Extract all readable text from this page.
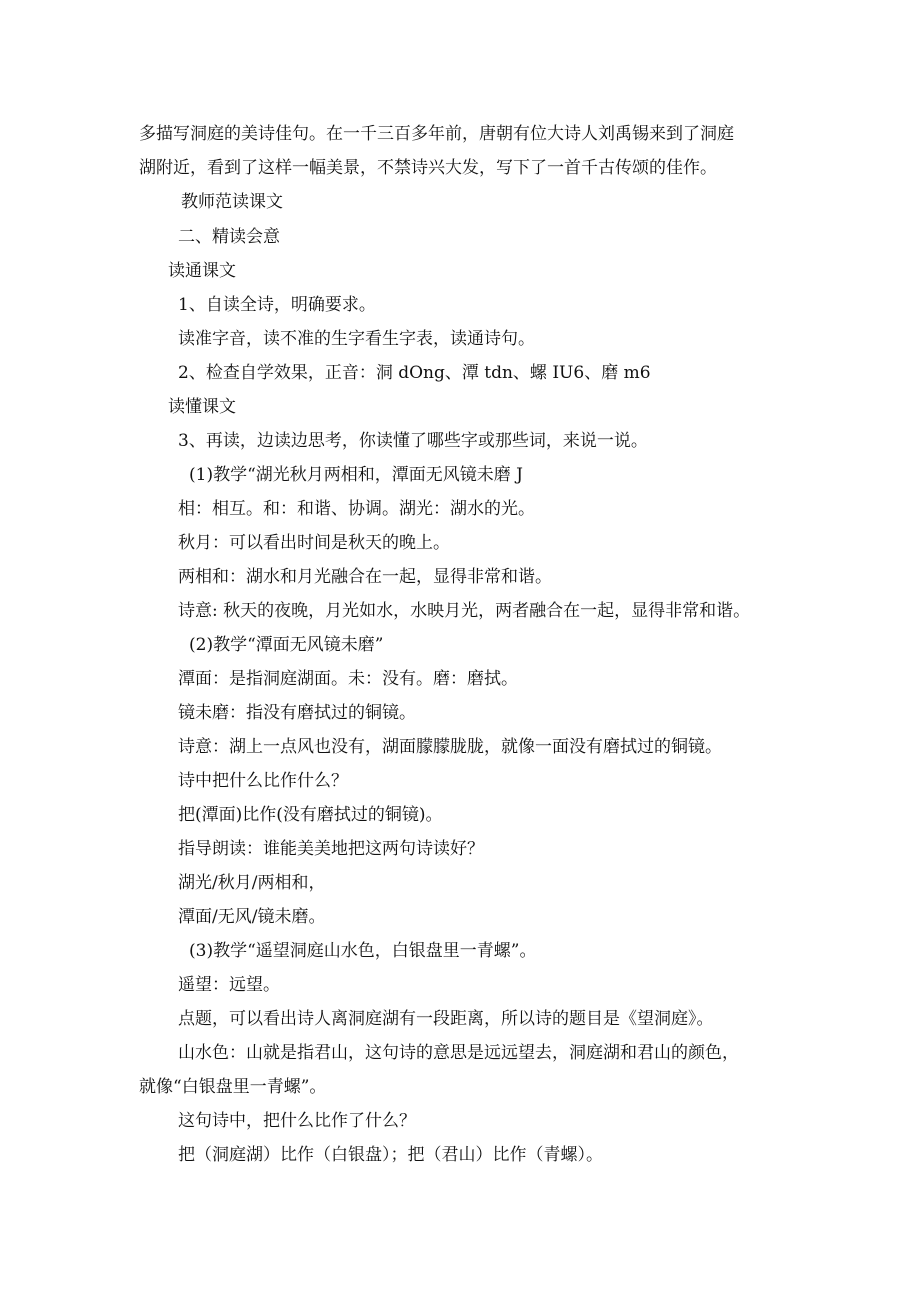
多描写洞庭的美诗佳句。在一千三百多年前，唐朝有位大诗人刘禹锡来到了洞庭
湖附近，看到了这样一幅美景，不禁诗兴大发，写下了一首千古传颂的佳作。
教师范读课文
二、精读会意
读通课文
1、自读全诗，明确要求。
读准字音，读不准的生字看生字表，读通诗句。
2、检查自学效果，正音：洞 dOng、潭 tdn、螺 IU6、磨 m6
读懂课文
3、再读，边读边思考，你读懂了哪些字或那些词，来说一说。
(1)教学“湖光秋月两相和，潭面无风镜未磨 J
相：相互。和：和谐、协调。湖光：湖水的光。
秋月：可以看出时间是秋天的晚上。
两相和：湖水和月光融合在一起，显得非常和谐。
诗意: 秋天的夜晚，月光如水，水映月光，两者融合在一起，显得非常和谐。
(2)教学“潭面无风镜未磨”
潭面：是指洞庭湖面。未：没有。磨：磨拭。
镜未磨：指没有磨拭过的铜镜。
诗意：湖上一点风也没有，湖面朦朦胧胧，就像一面没有磨拭过的铜镜。
诗中把什么比作什么？
把(潭面)比作(没有磨拭过的铜镜)。
指导朗读：谁能美美地把这两句诗读好？
湖光/秋月/两相和，
潭面/无风/镜未磨。
(3)教学“遥望洞庭山水色，白银盘里一青螺”。
遥望：远望。
点题，可以看出诗人离洞庭湖有一段距离，所以诗的题目是《望洞庭》。
山水色：山就是指君山，这句诗的意思是远远望去，洞庭湖和君山的颜色，
就像“白银盘里一青螺”。
这句诗中，把什么比作了什么？
把（洞庭湖）比作（白银盘）；把（君山）比作（青螺）。
